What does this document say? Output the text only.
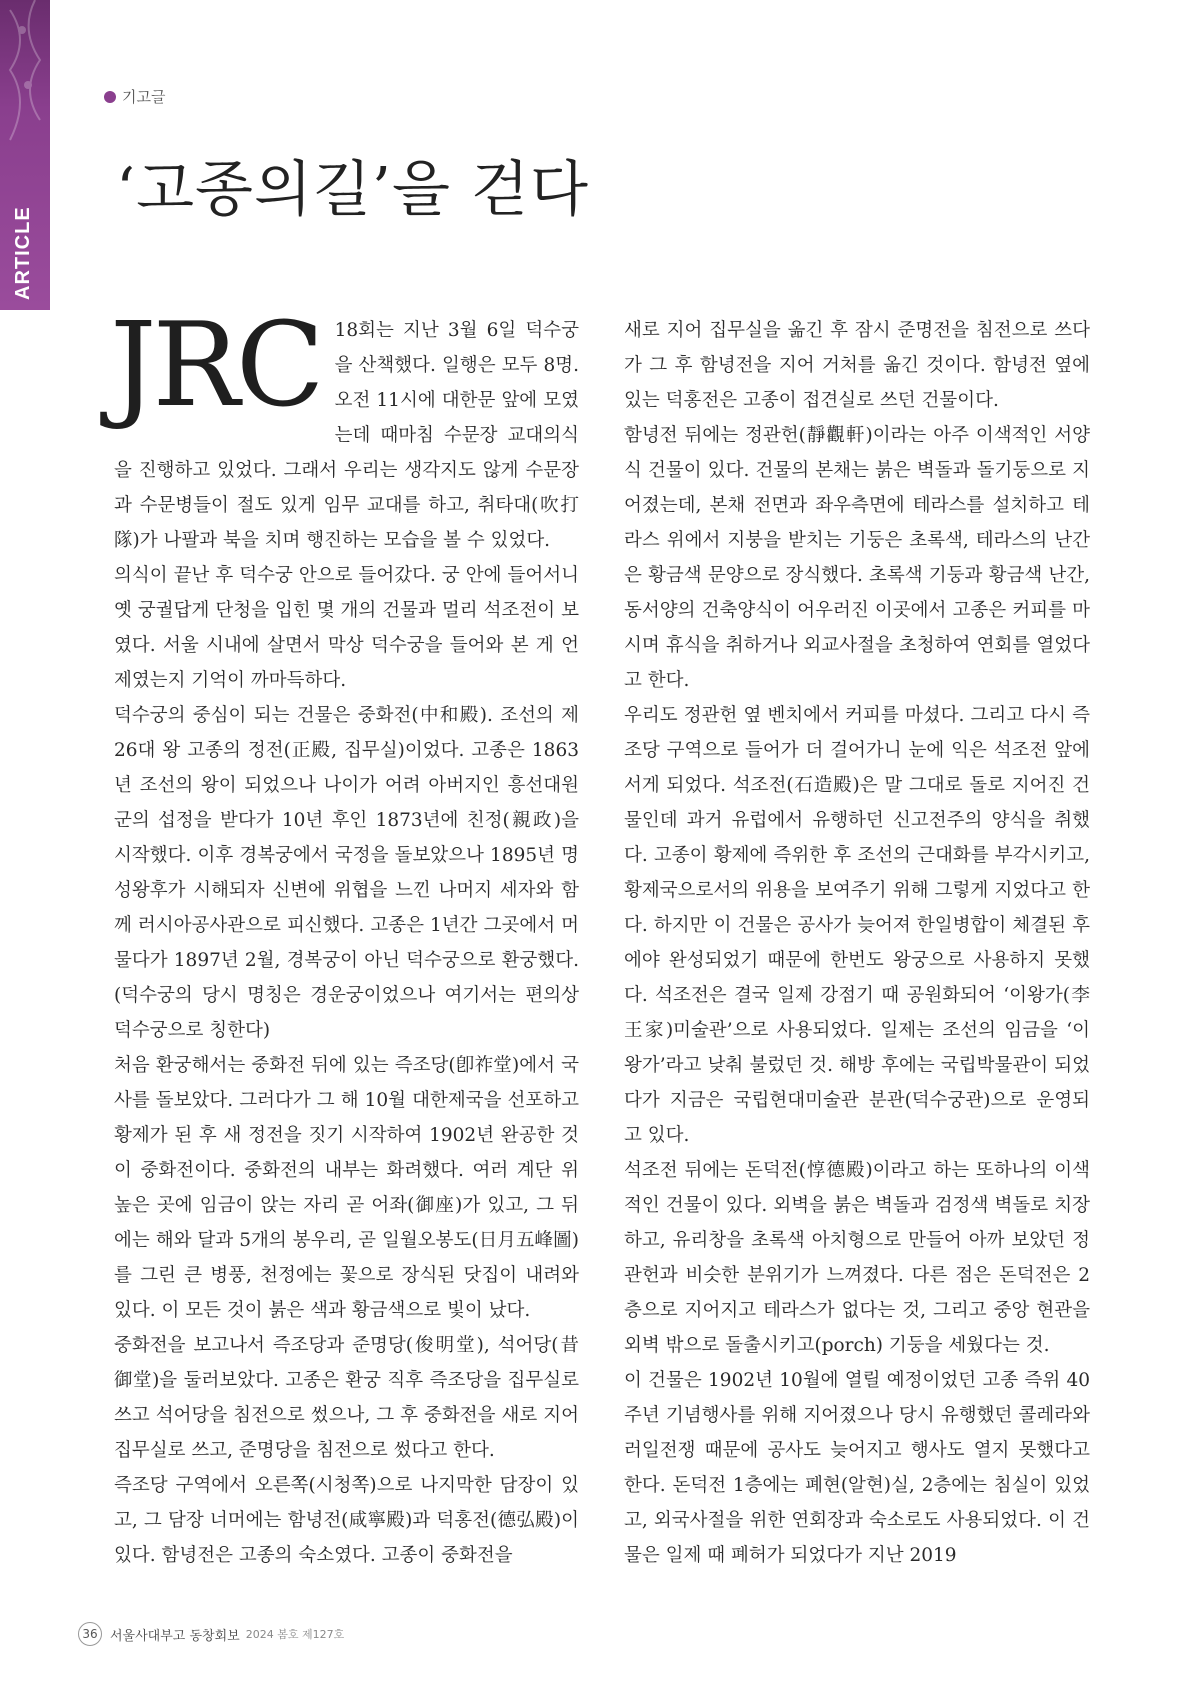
ARTICLE
기고글
‘고종의길’을 걷다
JRC 18회는 지난 3월 6일 덕수궁을 산책했다. 일행은 모두 8명. 오전 11시에 대한문 앞에 모였는데 때마침 수문장 교대의식을 진행하고 있었다. 그래서 우리는 생각지도 않게 수문장과 수문병들이 절도 있게 임무 교대를 하고, 취타대(吹打隊)가 나팔과 북을 치며 행진하는 모습을 볼 수 있었다.

의식이 끝난 후 덕수궁 안으로 들어갔다. 궁 안에 들어서니 옛 궁궐답게 단청을 입힌 몇 개의 건물과 멀리 석조전이 보였다. 서울 시내에 살면서 막상 덕수궁을 들어와 본 게 언제였는지 기억이 까마득하다.

덕수궁의 중심이 되는 건물은 중화전(中和殿). 조선의 제26대 왕 고종의 정전(正殿, 집무실)이었다. 고종은 1863년 조선의 왕이 되었으나 나이가 어려 아버지인 흥선대원군의 섭정을 받다가 10년 후인 1873년에 친정(親政)을 시작했다. 이후 경복궁에서 국정을 돌보았으나 1895년 명성왕후가 시해되자 신변에 위협을 느낀 나머지 세자와 함께 러시아공사관으로 피신했다. 고종은 1년간 그곳에서 머물다가 1897년 2월, 경복궁이 아닌 덕수궁으로 환궁했다. (덕수궁의 당시 명칭은 경운궁이었으나 여기서는 편의상 덕수궁으로 칭한다)

처음 환궁해서는 중화전 뒤에 있는 즉조당(卽祚堂)에서 국사를 돌보았다. 그러다가 그 해 10월 대한제국을 선포하고 황제가 된 후 새 정전을 짓기 시작하여 1902년 완공한 것이 중화전이다. 중화전의 내부는 화려했다. 여러 계단 위 높은 곳에 임금이 앉는 자리 곧 어좌(御座)가 있고, 그 뒤에는 해와 달과 5개의 봉우리, 곧 일월오봉도(日月五峰圖)를 그린 큰 병풍, 천정에는 꽃으로 장식된 닷집이 내려와 있다. 이 모든 것이 붉은 색과 황금색으로 빛이 났다.

중화전을 보고나서 즉조당과 준명당(俊明堂), 석어당(昔御堂)을 둘러보았다. 고종은 환궁 직후 즉조당을 집무실로 쓰고 석어당을 침전으로 썼으나, 그 후 중화전을 새로 지어 집무실로 쓰고, 준명당을 침전으로 썼다고 한다.

즉조당 구역에서 오른쪽(시청쪽)으로 나지막한 담장이 있고, 그 담장 너머에는 함녕전(咸寧殿)과 덕홍전(德弘殿)이 있다. 함녕전은 고종의 숙소였다. 고종이 중화전을

새로 지어 집무실을 옮긴 후 잠시 준명전을 침전으로 쓰다가 그 후 함녕전을 지어 거처를 옮긴 것이다. 함녕전 옆에 있는 덕홍전은 고종이 접견실로 쓰던 건물이다.

함녕전 뒤에는 정관헌(靜觀軒)이라는 아주 이색적인 서양식 건물이 있다. 건물의 본채는 붉은 벽돌과 돌기둥으로 지어졌는데, 본채 전면과 좌우측면에 테라스를 설치하고 테라스 위에서 지붕을 받치는 기둥은 초록색, 테라스의 난간은 황금색 문양으로 장식했다. 초록색 기둥과 황금색 난간, 동서양의 건축양식이 어우러진 이곳에서 고종은 커피를 마시며 휴식을 취하거나 외교사절을 초청하여 연회를 열었다고 한다.

우리도 정관헌 옆 벤치에서 커피를 마셨다. 그리고 다시 즉조당 구역으로 들어가 더 걸어가니 눈에 익은 석조전 앞에 서게 되었다. 석조전(石造殿)은 말 그대로 돌로 지어진 건물인데 과거 유럽에서 유행하던 신고전주의 양식을 취했다. 고종이 황제에 즉위한 후 조선의 근대화를 부각시키고, 황제국으로서의 위용을 보여주기 위해 그렇게 지었다고 한다. 하지만 이 건물은 공사가 늦어져 한일병합이 체결된 후에야 완성되었기 때문에 한번도 왕궁으로 사용하지 못했다. 석조전은 결국 일제 강점기 때 공원화되어 ‘이왕가(李王家)미술관’으로 사용되었다. 일제는 조선의 임금을 ‘이왕가’라고 낮춰 불렀던 것. 해방 후에는 국립박물관이 되었다가 지금은 국립현대미술관 분관(덕수궁관)으로 운영되고 있다.

석조전 뒤에는 돈덕전(惇德殿)이라고 하는 또하나의 이색적인 건물이 있다. 외벽을 붉은 벽돌과 검정색 벽돌로 치장하고, 유리창을 초록색 아치형으로 만들어 아까 보았던 정관헌과 비슷한 분위기가 느껴졌다. 다른 점은 돈덕전은 2층으로 지어지고 테라스가 없다는 것, 그리고 중앙 현관을 외벽 밖으로 돌출시키고(porch) 기둥을 세웠다는 것.

이 건물은 1902년 10월에 열릴 예정이었던 고종 즉위 40주년 기념행사를 위해 지어졌으나 당시 유행했던 콜레라와 러일전쟁 때문에 공사도 늦어지고 행사도 열지 못했다고 한다. 돈덕전 1층에는 폐현(알현)실, 2층에는 침실이 있었고, 외국사절을 위한 연회장과 숙소로도 사용되었다. 이 건물은 일제 때 폐허가 되었다가 지난 2019

36 서울사대부고 동창회보 2024 봄호 제127호
